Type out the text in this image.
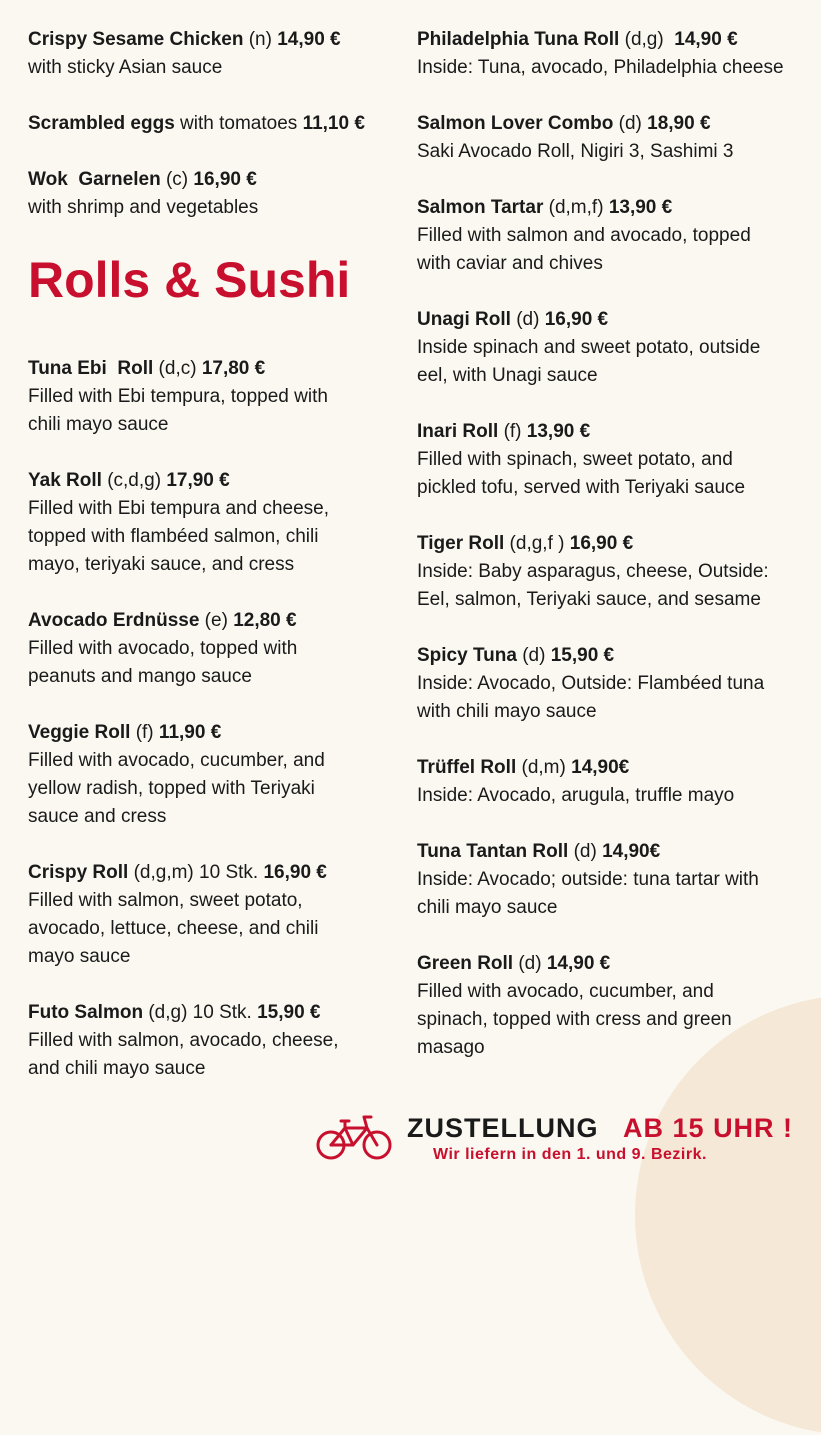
Crispy Sesame Chicken (n) 14,90 €
with sticky Asian sauce
Scrambled eggs with tomatoes 11,10 €
Wok  Garnelen (c) 16,90 €
with shrimp and vegetables
Rolls & Sushi
Tuna Ebi  Roll (d,c) 17,80 €
Filled with Ebi tempura, topped with
chili mayo sauce
Yak Roll (c,d,g) 17,90 €
Filled with Ebi tempura and cheese,
topped with flambéed salmon, chili
mayo, teriyaki sauce, and cress
Avocado Erdnüsse (e) 12,80 €
Filled with avocado, topped with
peanuts and mango sauce
Veggie Roll (f) 11,90 €
Filled with avocado, cucumber, and
yellow radish, topped with Teriyaki
sauce and cress
Crispy Roll (d,g,m) 10 Stk. 16,90 €
Filled with salmon, sweet potato,
avocado, lettuce, cheese, and chili
mayo sauce
Futo Salmon (d,g) 10 Stk. 15,90 €
Filled with salmon, avocado, cheese,
and chili mayo sauce
Philadelphia Tuna Roll (d,g)  14,90 €
Inside: Tuna, avocado, Philadelphia cheese
Salmon Lover Combo (d) 18,90 €
Saki Avocado Roll, Nigiri 3, Sashimi 3
Salmon Tartar (d,m,f) 13,90 €
Filled with salmon and avocado, topped
with caviar and chives
Unagi Roll (d) 16,90 €
Inside spinach and sweet potato, outside
eel, with Unagi sauce
Inari Roll (f) 13,90 €
Filled with spinach, sweet potato, and
pickled tofu, served with Teriyaki sauce
Tiger Roll (d,g,f ) 16,90 €
Inside: Baby asparagus, cheese, Outside:
Eel, salmon, Teriyaki sauce, and sesame
Spicy Tuna (d) 15,90 €
Inside: Avocado, Outside: Flambéed tuna
with chili mayo sauce
Trüffel Roll (d,m) 14,90€
Inside: Avocado, arugula, truffle mayo
Tuna Tantan Roll (d) 14,90€
Inside: Avocado; outside: tuna tartar with
chili mayo sauce
Green Roll (d) 14,90 €
Filled with avocado, cucumber, and
spinach, topped with cress and green
masago
ZUSTELLUNG AB 15 UHR !
Wir liefern in den 1. und 9. Bezirk.
